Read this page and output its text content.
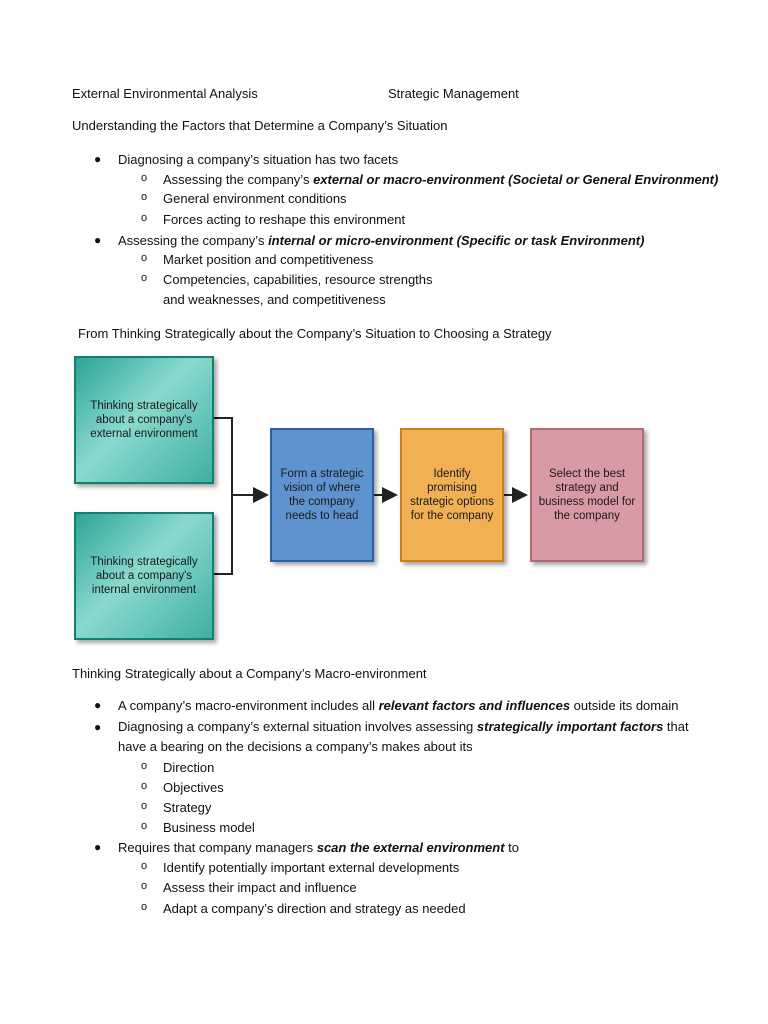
External Environmental Analysis	Strategic Management
Understanding the Factors that Determine a Company’s Situation
● Diagnosing a company’s situation has two facets
o Assessing the company’s external or macro-environment (Societal or General Environment)
o General environment conditions
o Forces acting to reshape this environment
● Assessing the company’s internal or micro-environment (Specific or task Environment)
o Market position and competitiveness
o Competencies, capabilities, resource strengths
and weaknesses, and competitiveness
From Thinking Strategically about the Company’s Situation to Choosing a Strategy
Thinking strategically about a company's external environment
Thinking strategically about a company's internal environment
Form a strategic vision of where the company needs to head
Identify promising strategic options for the company
Select the best strategy and business model for the company
Thinking Strategically about a Company’s Macro-environment
● A company’s macro-environment includes all relevant factors and influences outside its domain
● Diagnosing a company’s external situation involves assessing strategically important factors that have a bearing on the decisions a company’s makes about its
o Direction
o Objectives
o Strategy
o Business model
● Requires that company managers scan the external environment to
o Identify potentially important external developments
o Assess their impact and influence
o Adapt a company’s direction and strategy as needed
